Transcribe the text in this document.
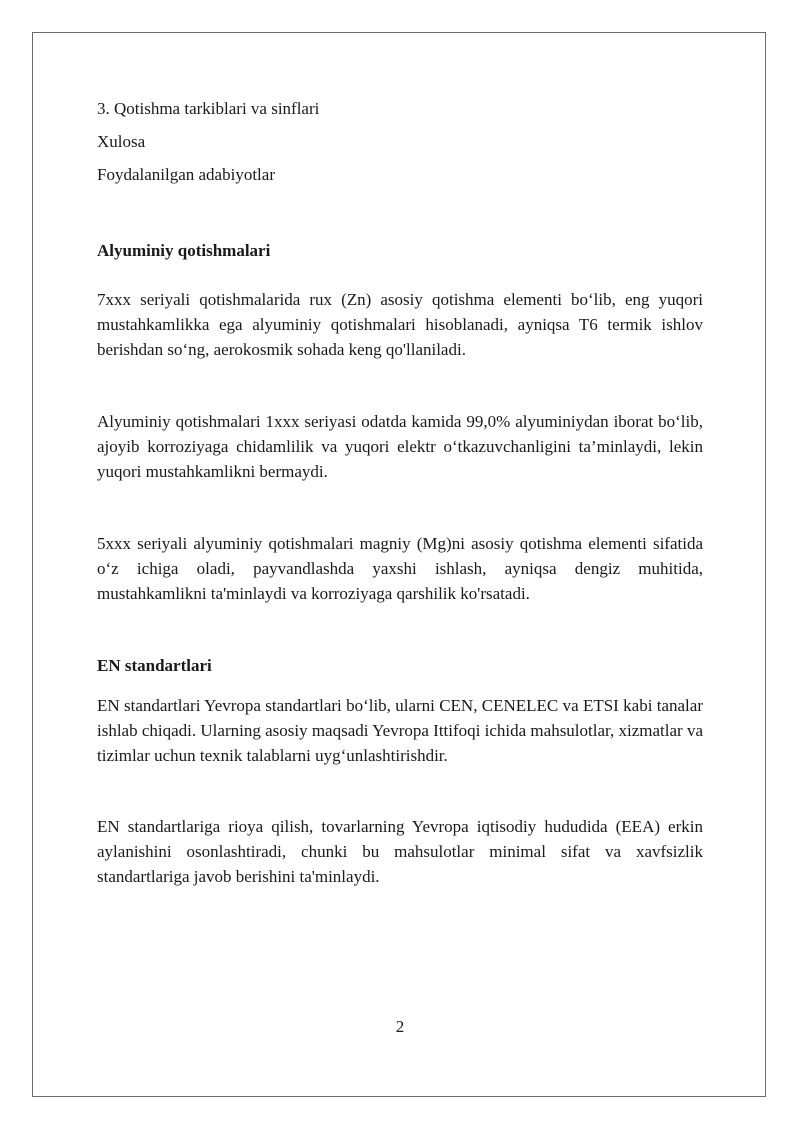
3. Qotishma tarkiblari va sinflari

Xulosa

Foydalanilgan adabiyotlar

Alyuminiy qotishmalari

7xxx seriyali qotishmalarida rux (Zn) asosiy qotishma elementi bo‘lib, eng yuqori mustahkamlikka ega alyuminiy qotishmalari hisoblanadi, ayniqsa T6 termik ishlov berishdan so‘ng, aerokosmik sohada keng qo'llaniladi.

Alyuminiy qotishmalari 1xxx seriyasi odatda kamida 99,0% alyuminiydan iborat bo‘lib, ajoyib korroziyaga chidamlilik va yuqori elektr o‘tkazuvchanligini ta’minlaydi, lekin yuqori mustahkamlikni bermaydi.

5xxx seriyali alyuminiy qotishmalari magniy (Mg)ni asosiy qotishma elementi sifatida o‘z ichiga oladi, payvandlashda yaxshi ishlash, ayniqsa dengiz muhitida, mustahkamlikni ta'minlaydi va korroziyaga qarshilik ko'rsatadi.

EN standartlari

EN standartlari Yevropa standartlari bo‘lib, ularni CEN, CENELEC va ETSI kabi tanalar ishlab chiqadi. Ularning asosiy maqsadi Yevropa Ittifoqi ichida mahsulotlar, xizmatlar va tizimlar uchun texnik talablarni uyg‘unlashtirishdir.

EN standartlariga rioya qilish, tovarlarning Yevropa iqtisodiy hududida (EEA) erkin aylanishini osonlashtiradi, chunki bu mahsulotlar minimal sifat va xavfsizlik standartlariga javob berishini ta'minlaydi.

2
